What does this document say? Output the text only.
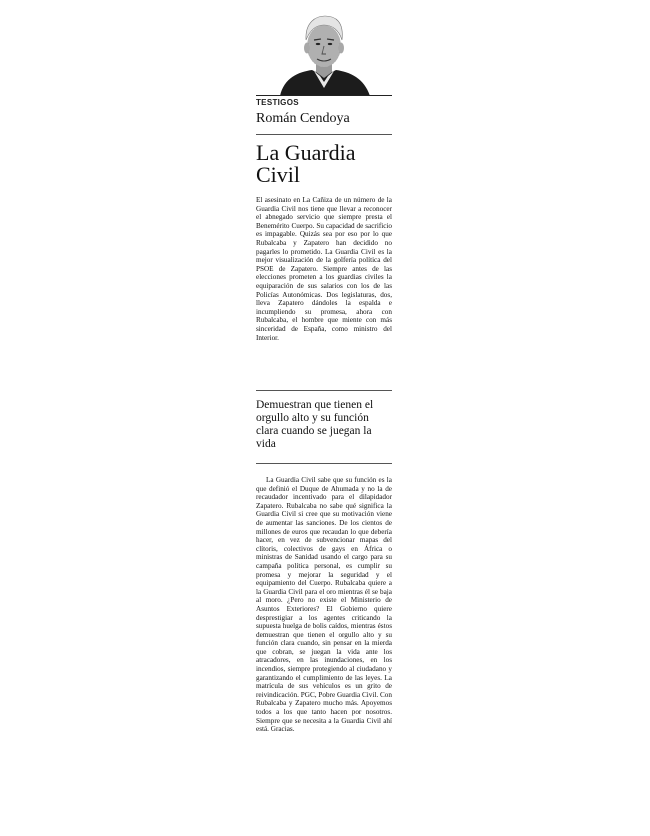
TESTIGOS
Román Cendoya
La Guardia Civil

El asesinato en La Cañiza de un número de la Guardia Civil nos tiene que llevar a reconocer el abnegado servicio que siempre presta el Benemérito Cuerpo. Su capacidad de sacrificio es impagable. Quizás sea por eso por lo que Rubalcaba y Zapatero han decidido no pagarles lo prometido. La Guardia Civil es la mejor visualización de la golfería política del PSOE de Zapatero. Siempre antes de las elecciones prometen a los guardias civiles la equiparación de sus salarios con los de las Policías Autonómicas. Dos legislaturas, dos, lleva Zapatero dándoles la espalda e incumpliendo su promesa, ahora con Rubalcaba, el hombre que miente con más sinceridad de España, como ministro del Interior.

Demuestran que tienen el orgullo alto y su función clara cuando se juegan la vida

La Guardia Civil sabe que su función es la que definió el Duque de Ahumada y no la de recaudador incentivado para el dilapidador Zapatero. Rubalcaba no sabe qué significa la Guardia Civil si cree que su motivación viene de aumentar las sanciones. De los cientos de millones de euros que recaudan lo que debería hacer, en vez de subvencionar mapas del clítoris, colectivos de gays en África o ministras de Sanidad usando el cargo para su campaña política personal, es cumplir su promesa y mejorar la seguridad y el equipamiento del Cuerpo. Rubalcaba quiere a la Guardia Civil para el oro mientras él se baja al moro. ¿Pero no existe el Ministerio de Asuntos Exteriores? El Gobierno quiere desprestigiar a los agentes criticando la supuesta huelga de bolis caídos, mientras éstos demuestran que tienen el orgullo alto y su función clara cuando, sin pensar en la mierda que cobran, se juegan la vida ante los atracadores, en las inundaciones, en los incendios, siempre protegiendo al ciudadano y garantizando el cumplimiento de las leyes. La matrícula de sus vehículos es un grito de reivindicación. PGC, Pobre Guardia Civil. Con Rubalcaba y Zapatero mucho más. Apoyemos todos a los que tanto hacen por nosotros. Siempre que se necesita a la Guardia Civil ahí está. Gracias.
